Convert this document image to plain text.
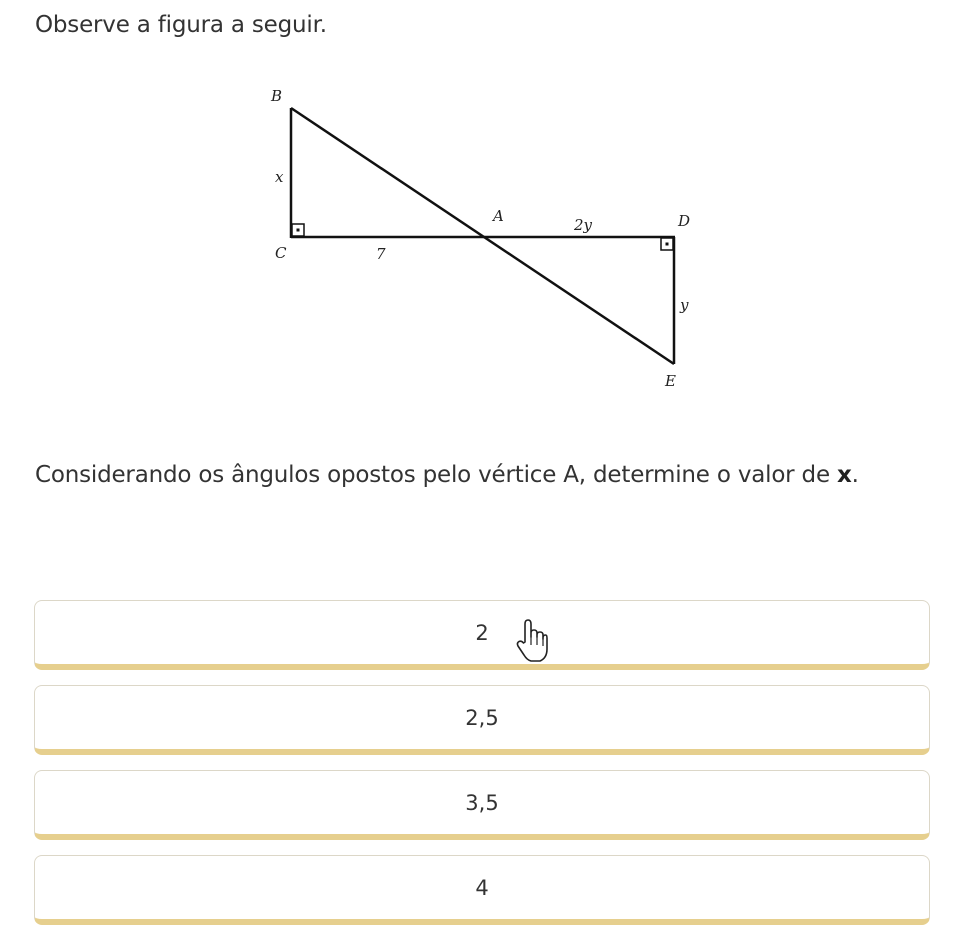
Observe a figura a seguir.

B
x
C	7
A	2y	D
y
E

Considerando os ângulos opostos pelo vértice A, determine o valor de x.

2
2,5
3,5
4
